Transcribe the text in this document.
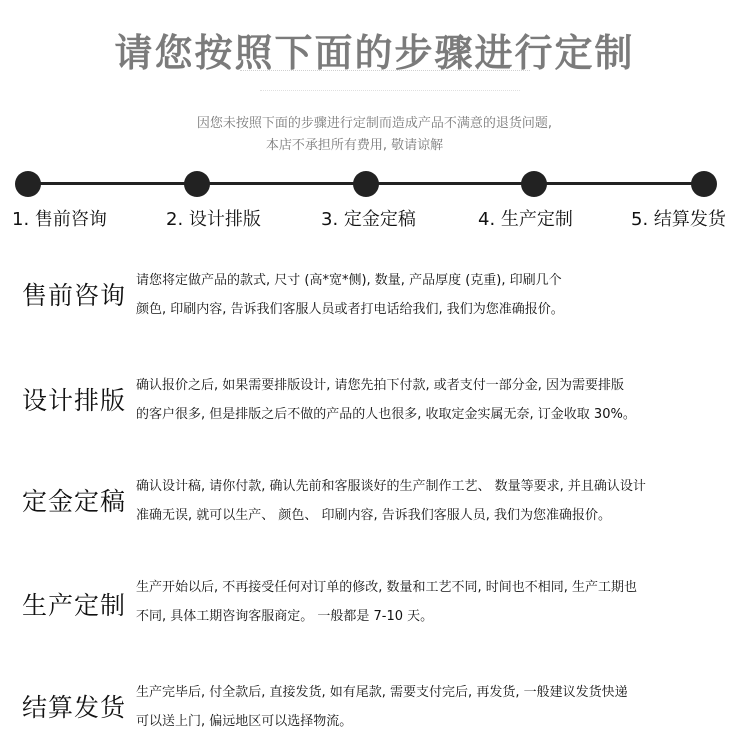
请您按照下面的步骤进行定制
因您未按照下面的步骤进行定制而造成产品不满意的退货问题,
本店不承担所有费用, 敬请谅解
1. 售前咨询	2. 设计排版	3. 定金定稿	4. 生产定制	5. 结算发货
售前咨询
请您将定做产品的款式, 尺寸 (高*宽*侧), 数量, 产品厚度 (克重), 印刷几个
颜色, 印刷内容, 告诉我们客服人员或者打电话给我们, 我们为您准确报价。
设计排版
确认报价之后, 如果需要排版设计, 请您先拍下付款, 或者支付一部分金, 因为需要排版
的客户很多, 但是排版之后不做的产品的人也很多, 收取定金实属无奈, 订金收取 30%。
定金定稿
确认设计稿, 请你付款, 确认先前和客服谈好的生产制作工艺、 数量等要求, 并且确认设计
准确无误, 就可以生产、 颜色、 印刷内容, 告诉我们客服人员, 我们为您准确报价。
生产定制
生产开始以后, 不再接受任何对订单的修改, 数量和工艺不同, 时间也不相同, 生产工期也
不同, 具体工期咨询客服商定。 一般都是 7-10 天。
结算发货
生产完毕后, 付全款后, 直接发货, 如有尾款, 需要支付完后, 再发货, 一般建议发货快递
可以送上门, 偏远地区可以选择物流。
